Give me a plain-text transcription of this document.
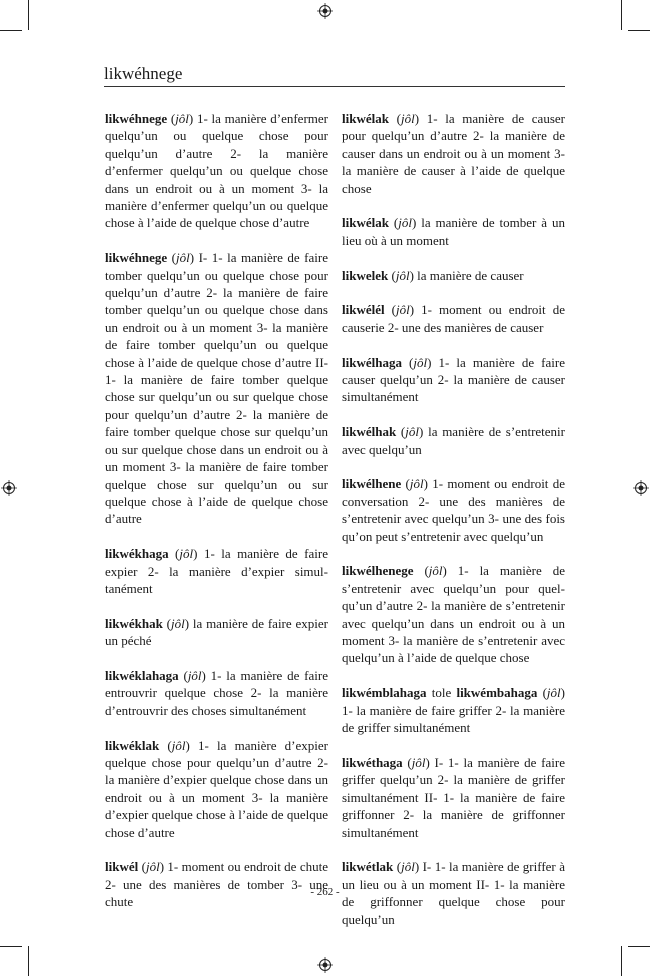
likwéhnege

likwéhnege (jôl) 1- la manière d’enfermer quelqu’un ou quelque chose pour quelqu’un d’autre 2- la manière d’enfermer quelqu’un ou quelque chose dans un endroit ou à un moment 3- la manière d’enfermer quelqu’un ou quelque chose à l’aide de quelque chose d’autre

likwéhnege (jôl) I- 1- la manière de faire tomber quelqu’un ou quelque chose pour quelqu’un d’autre 2- la manière de faire tomber quelqu’un ou quelque chose dans un endroit ou à un moment 3- la manière de faire tomber quelqu’un ou quelque chose à l’aide de quelque chose d’autre II- 1- la manière de faire tomber quelque chose sur quelqu’un ou sur quelque chose pour quelqu’un d’autre 2- la manière de faire tomber quelque chose sur quelqu’un ou sur quelque chose dans un endroit ou à un moment 3- la manière de faire tomber quelque chose sur quelqu’un ou sur quelque chose à l’aide de quelque chose d’autre

likwékhaga (jôl) 1- la manière de faire expier 2- la manière d’expier simultanément

likwékhak (jôl) la manière de faire expier un péché

likwéklahaga (jôl) 1- la manière de faire entrouvrir quelque chose 2- la manière d’entrouvrir des choses simultanément

likwéklak (jôl) 1- la manière d’expier quelque chose pour quelqu’un d’autre 2- la manière d’expier quelque chose dans un endroit ou à un moment 3- la manière d’expier quelque chose à l’aide de quelque chose d’autre

likwél (jôl) 1- moment ou endroit de chute 2- une des manières de tomber 3- une chute

likwélak (jôl) 1- la manière de causer pour quelqu’un d’autre 2- la manière de causer dans un endroit ou à un moment 3- la manière de causer à l’aide de quelque chose

likwélak (jôl) la manière de tomber à un lieu où à un moment

likwelek (jôl) la manière de causer

likwélél (jôl) 1- moment ou endroit de causerie 2- une des manières de causer

likwélhaga (jôl) 1- la manière de faire causer quelqu’un 2- la manière de causer simultanément

likwélhak (jôl) la manière de s’entretenir avec quelqu’un

likwélhene (jôl) 1- moment ou endroit de conversation 2- une des manières de s’entretenir avec quelqu’un 3- une des fois qu’on peut s’entretenir avec quelqu’un

likwélhenege (jôl) 1- la manière de s’entretenir avec quelqu’un pour quelqu’un d’autre 2- la manière de s’entretenir avec quelqu’un dans un endroit ou à un moment 3- la manière de s’entretenir avec quelqu’un à l’aide de quelque chose

likwémblahaga tole likwémbahaga (jôl) 1- la manière de faire griffer 2- la manière de griffer simultanément

likwéthaga (jôl) I- 1- la manière de faire griffer quelqu’un 2- la manière de griffer simultanément II- 1- la manière de faire griffonner 2- la manière de griffonner simultanément

likwétlak (jôl) I- 1- la manière de griffer à un lieu ou à un moment II- 1- la manière de griffonner quelque chose pour quelqu’un

- 262 -
